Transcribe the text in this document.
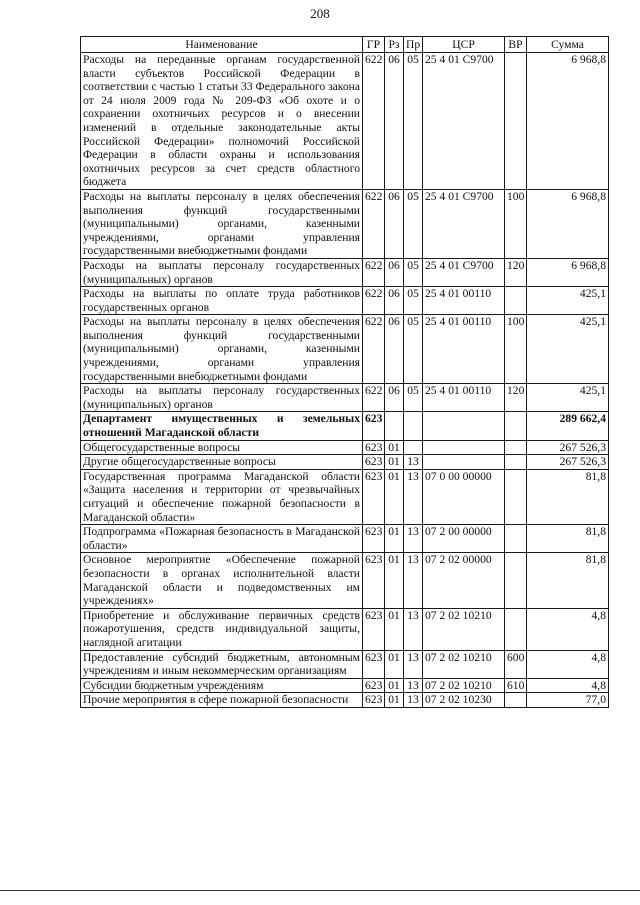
208
Наименование	ГР	Рз	Пр	ЦСР	ВР	Сумма
Расходы на переданные органам государственной власти субъектов Российской Федерации в соответствии с частью 1 статьи 33 Федерального закона от 24 июля 2009 года № 209-ФЗ «Об охоте и о сохранении охотничьих ресурсов и о внесении изменений в отдельные законодательные акты Российской Федерации» полномочий Российской Федерации в области охраны и использования охотничьих ресурсов за счет средств областного бюджета	622	06	05	25 4 01 С9700		6 968,8
Расходы на выплаты персоналу в целях обеспечения выполнения функций государственными (муниципальными) органами, казенными учреждениями, органами управления государственными внебюджетными фондами	622	06	05	25 4 01 С9700	100	6 968,8
Расходы на выплаты персоналу государственных (муниципальных) органов	622	06	05	25 4 01 С9700	120	6 968,8
Расходы на выплаты по оплате труда работников государственных органов	622	06	05	25 4 01 00110		425,1
Расходы на выплаты персоналу в целях обеспечения выполнения функций государственными (муниципальными) органами, казенными учреждениями, органами управления государственными внебюджетными фондами	622	06	05	25 4 01 00110	100	425,1
Расходы на выплаты персоналу государственных (муниципальных) органов	622	06	05	25 4 01 00110	120	425,1
Департамент имущественных и земельных отношений Магаданской области	623					289 662,4
Общегосударственные вопросы	623	01				267 526,3
Другие общегосударственные вопросы	623	01	13			267 526,3
Государственная программа Магаданской области «Защита населения и территории от чрезвычайных ситуаций и обеспечение пожарной безопасности в Магаданской области»	623	01	13	07 0 00 00000		81,8
Подпрограмма «Пожарная безопасность в Магаданской области»	623	01	13	07 2 00 00000		81,8
Основное мероприятие «Обеспечение пожарной безопасности в органах исполнительной власти Магаданской области и подведомственных им учреждениях»	623	01	13	07 2 02 00000		81,8
Приобретение и обслуживание первичных средств пожаротушения, средств индивидуальной защиты, наглядной агитации	623	01	13	07 2 02 10210		4,8
Предоставление субсидий бюджетным, автономным учреждениям и иным некоммерческим организациям	623	01	13	07 2 02 10210	600	4,8
Субсидии бюджетным учреждениям	623	01	13	07 2 02 10210	610	4,8
Прочие мероприятия в сфере пожарной безопасности	623	01	13	07 2 02 10230		77,0
